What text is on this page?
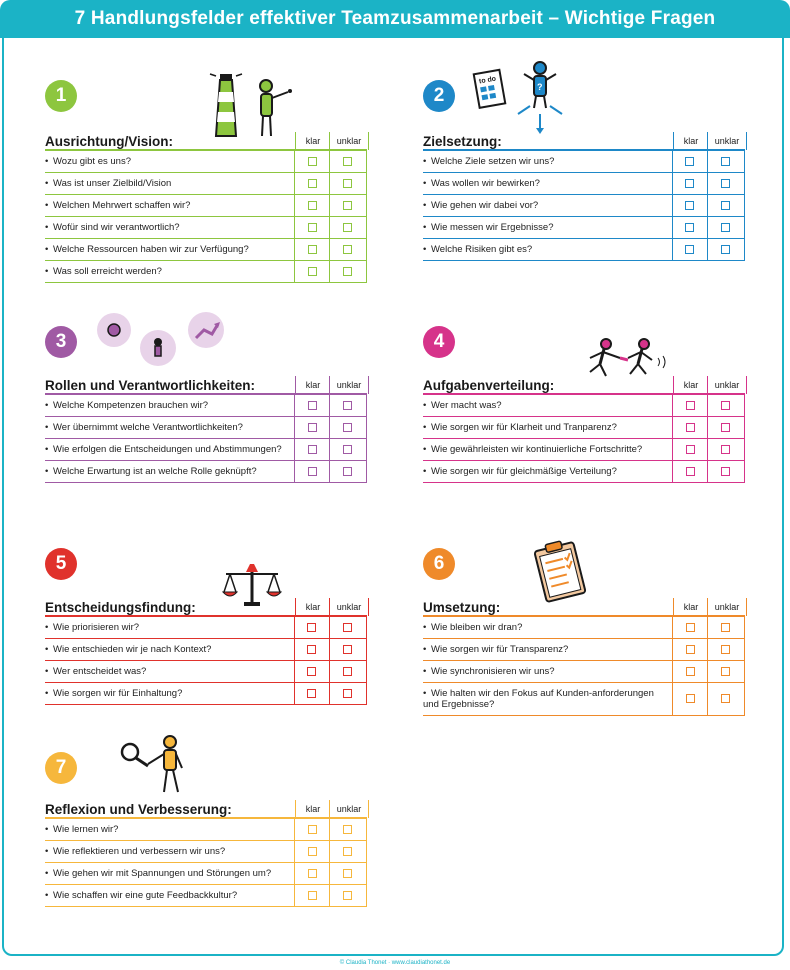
7 Handlungsfelder effektiver Teamzusammenarbeit – Wichtige Fragen
1
Ausrichtung/Vision:	klar	unklar
• Wozu gibt es uns?		
• Was ist unser Zielbild/Vision		
• Welchen Mehrwert schaffen wir?		
• Wofür sind wir verantwortlich?		
• Welche Ressourcen haben wir zur Verfügung?		
• Was soll erreicht werden?		
2
Zielsetzung:	klar	unklar
• Welche Ziele setzen wir uns?		
• Was wollen wir bewirken?		
• Wie gehen wir dabei vor?		
• Wie messen wir Ergebnisse?		
• Welche Risiken gibt es?		
3
Rollen und Verantwortlichkeiten:	klar	unklar
• Welche Kompetenzen brauchen wir?		
• Wer übernimmt welche Verantwortlichkeiten?		
• Wie erfolgen die Entscheidungen und Abstimmungen?		
• Welche Erwartung ist an welche Rolle geknüpft?		
4
Aufgabenverteilung:	klar	unklar
• Wer macht was?		
• Wie sorgen wir für Klarheit und Tranparenz?		
• Wie gewährleisten wir kontinuierliche Fortschritte?		
• Wie sorgen wir für gleichmäßige Verteilung?		
5
Entscheidungsfindung:	klar	unklar
• Wie priorisieren wir?		
• Wie entschieden wir je nach Kontext?		
• Wer entscheidet was?		
• Wie sorgen wir für Einhaltung?		
6
Umsetzung:	klar	unklar
• Wie bleiben wir dran?		
• Wie sorgen wir für Transparenz?		
• Wie synchronisieren wir uns?		
• Wie halten wir den Fokus auf Kunden-anforderungen und Ergebnisse?		
7
Reflexion und Verbesserung:	klar	unklar
• Wie lernen wir?		
• Wie reflektieren und verbessern wir uns?		
• Wie gehen wir mit Spannungen und Störungen um?		
• Wie schaffen wir eine gute Feedbackkultur?		
to do
?
© Claudia Thonet · www.claudiathonet.de
